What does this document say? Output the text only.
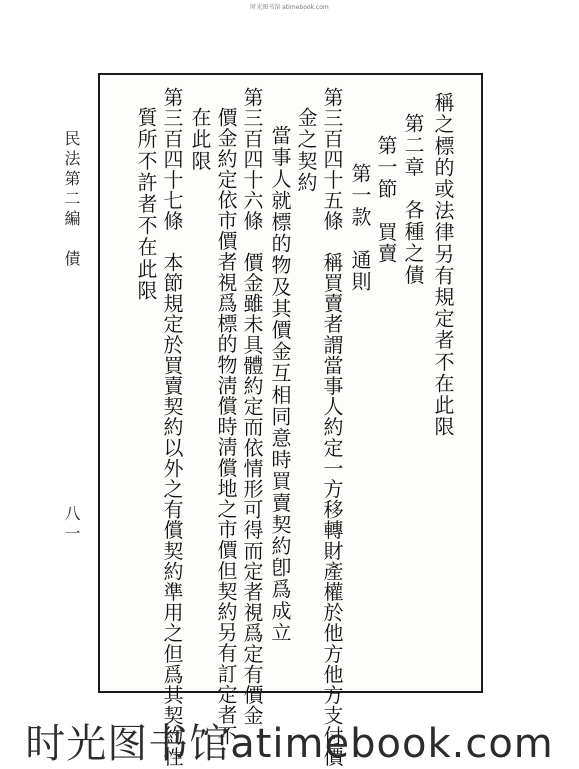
时光图书馆 atimebook.com
民法第二編　債
八一
稱之標的或法律另有規定者不在此限
第二章　各種之債
第一節　買賣
第一款　通則
第三百四十五條　稱買賣者謂當事人約定一方移轉財產權於他方他方支付價
金之契約
當事人就標的物及其價金互相同意時買賣契約卽爲成立
第三百四十六條　價金雖未具體約定而依情形可得而定者視爲定有價金
價金約定依市價者視爲標的物淸償時淸償地之市價但契約另有訂定者不
在此限
第三百四十七條　本節規定於買賣契約以外之有償契約準用之但爲其契約性
質所不許者不在此限
时光图书馆atimebook.com
